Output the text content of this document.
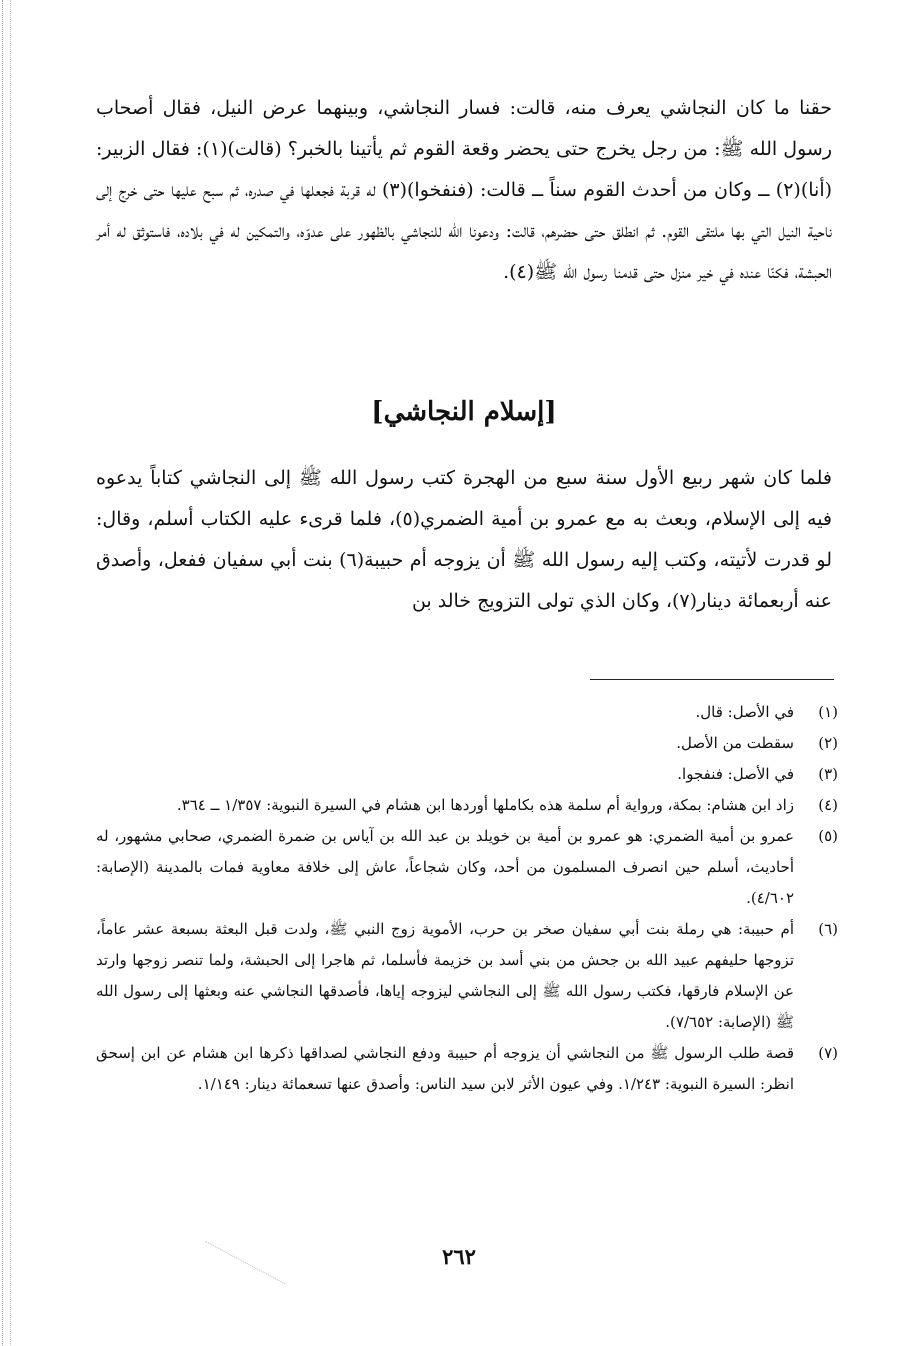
حقنا ما كان النجاشي يعرف منه، قالت: فسار النجاشي، وبينهما عرض النيل، فقال أصحاب رسول الله ﷺ: من رجل يخرج حتى يحضر وقعة القوم ثم يأتينا بالخبر؟ (قالت)(١): فقال الزبير: (أنا)(٢) ــ وكان من أحدث القوم سناً ــ قالت: (فنفخوا)(٣) له قربة فجعلها في صدره، ثم سبح عليها حتى خرج إلى ناحية النيل التي بها ملتقى القوم. ثم انطلق حتى حضرهم، قالت: ودعونا الله للنجاشي بالظهور على عدوّه، والتمكين له في بلاده، فاستوثق له أمر الحبشة، فكنّا عنده في خير منزل حتى قدمنا رسول الله ﷺ(٤).

[إسلام النجاشي]

فلما كان شهر ربيع الأول سنة سبع من الهجرة كتب رسول الله ﷺ إلى النجاشي كتاباً يدعوه فيه إلى الإسلام، وبعث به مع عمرو بن أمية الضمري(٥)، فلما قرىء عليه الكتاب أسلم، وقال: لو قدرت لأتيته، وكتب إليه رسول الله ﷺ أن يزوجه أم حبيبة(٦) بنت أبي سفيان ففعل، وأصدق عنه أربعمائة دينار(٧)، وكان الذي تولى التزويج خالد بن

(١)
في الأصل: قال.
(٢)
سقطت من الأصل.
(٣)
في الأصل: فنفجوا.
(٤)
زاد ابن هشام: بمكة، ورواية أم سلمة هذه بكاملها أوردها ابن هشام في السيرة النبوية: ١/٣٥٧ ــ ٣٦٤.
(٥)
عمرو بن أمية الضمري: هو عمرو بن أمية بن خويلد بن عبد الله بن آياس بن ضمرة الضمري، صحابي مشهور، له أحاديث، أسلم حين انصرف المسلمون من أحد، وكان شجاعاً، عاش إلى خلافة معاوية فمات بالمدينة (الإصابة: ٤/٦٠٢).
(٦)
أم حبيبة: هي رملة بنت أبي سفيان صخر بن حرب، الأموية زوج النبي ﷺ، ولدت قبل البعثة بسبعة عشر عاماً، تزوجها حليفهم عبيد الله بن جحش من بني أسد بن خزيمة فأسلما، ثم هاجرا إلى الحبشة، ولما تنصر زوجها وارتد عن الإسلام فارقها، فكتب رسول الله ﷺ إلى النجاشي ليزوجه إياها، فأصدقها النجاشي عنه وبعثها إلى رسول الله ﷺ (الإصابة: ٧/٦٥٢).
(٧)
قصة طلب الرسول ﷺ من النجاشي أن يزوجه أم حبيبة ودفع النجاشي لصداقها ذكرها ابن هشام عن ابن إسحق انظر: السيرة النبوية: ١/٢٤٣. وفي عيون الأثر لابن سيد الناس: وأصدق عنها تسعمائة دينار: ١/١٤٩.
٢٦٢
